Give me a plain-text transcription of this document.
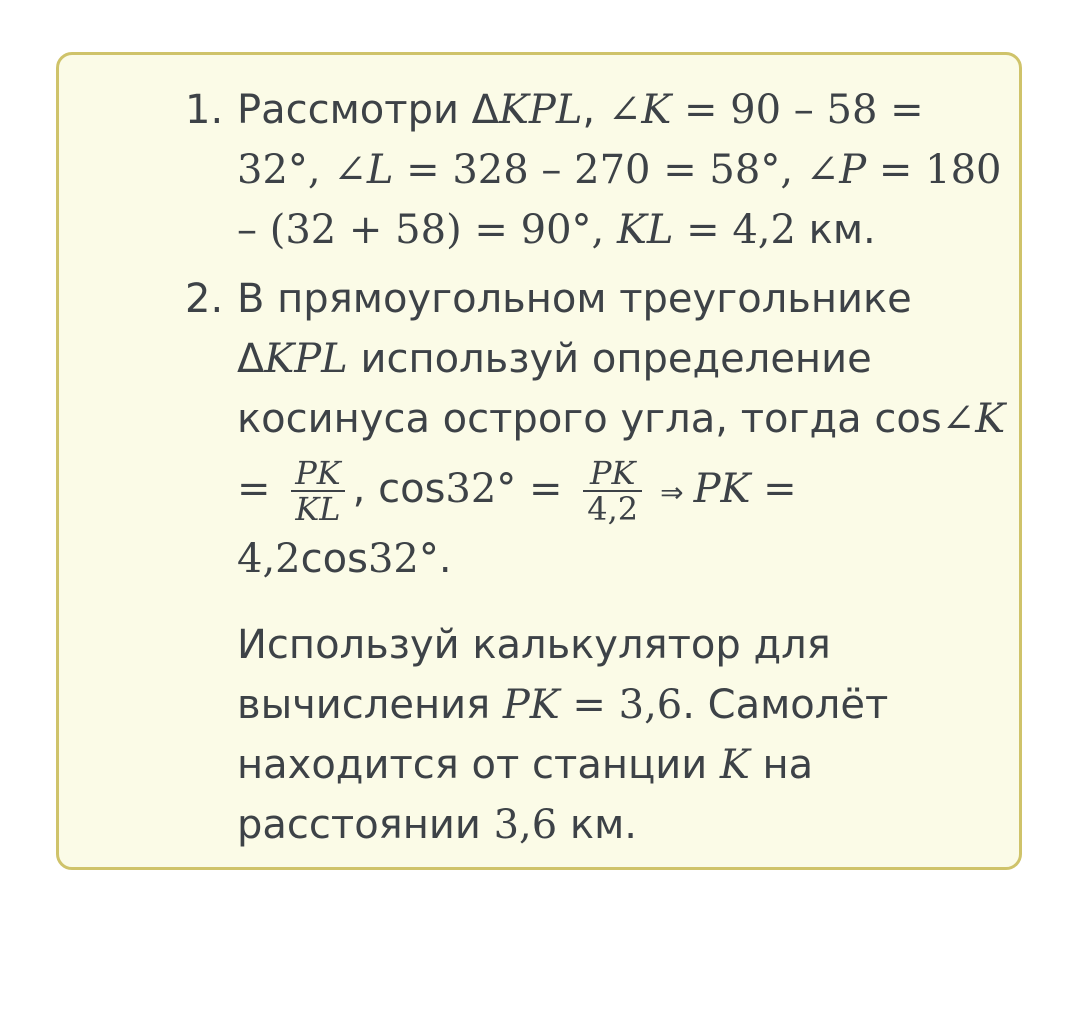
1. Рассмотри ΔKPL, ∠K = 90 – 58 =
32°, ∠L = 328 – 270 = 58°, ∠P = 180
– (32 + 58) = 90°, KL = 4,2 км.
2. В прямоугольном треугольнике
ΔKPL используй определение
косинуса острого угла, тогда cos∠K
= $\frac{PK}{KL}$ , $\cos 32^\circ = \frac{PK}{4,2}$ ⇒ PK =
4,2cos32°.
Используй калькулятор для
вычисления PK = 3,6. Самолёт
находится от станции K на
расстоянии 3,6 км.
